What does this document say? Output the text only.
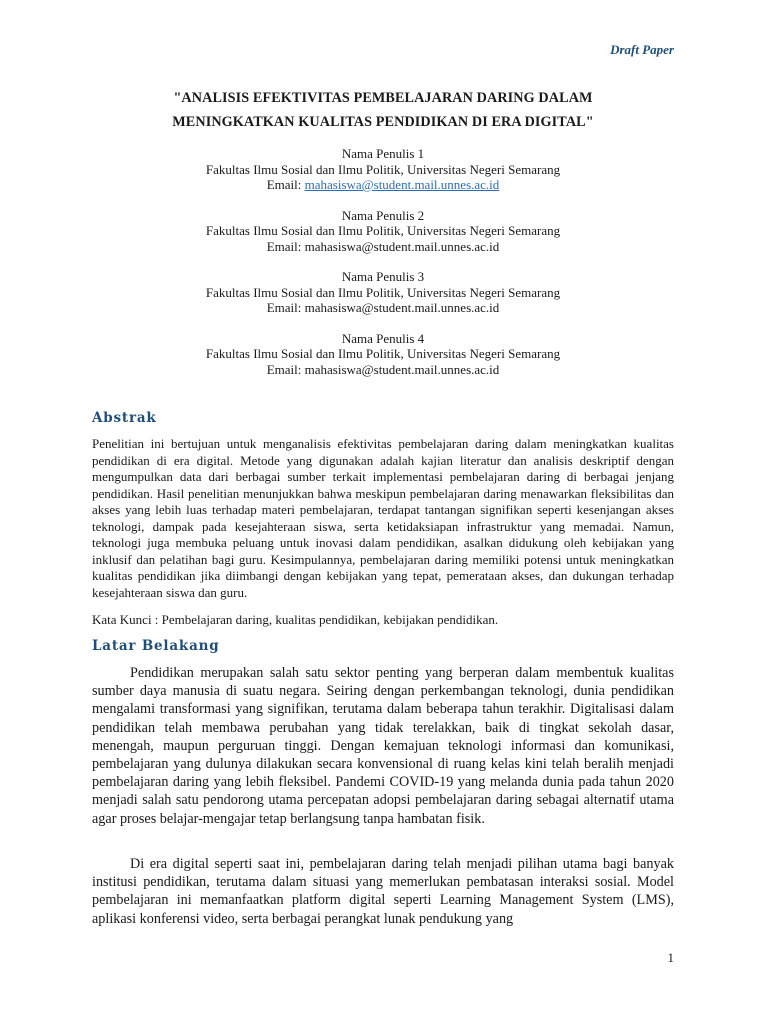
Draft Paper
"ANALISIS EFEKTIVITAS PEMBELAJARAN DARING DALAM
MENINGKATKAN KUALITAS PENDIDIKAN DI ERA DIGITAL"
Nama Penulis 1
Fakultas Ilmu Sosial dan Ilmu Politik, Universitas Negeri Semarang
Email: mahasiswa@student.mail.unnes.ac.id
Nama Penulis 2
Fakultas Ilmu Sosial dan Ilmu Politik, Universitas Negeri Semarang
Email: mahasiswa@student.mail.unnes.ac.id
Nama Penulis 3
Fakultas Ilmu Sosial dan Ilmu Politik, Universitas Negeri Semarang
Email: mahasiswa@student.mail.unnes.ac.id
Nama Penulis 4
Fakultas Ilmu Sosial dan Ilmu Politik, Universitas Negeri Semarang
Email: mahasiswa@student.mail.unnes.ac.id
Abstrak
Penelitian ini bertujuan untuk menganalisis efektivitas pembelajaran daring dalam meningkatkan kualitas pendidikan di era digital. Metode yang digunakan adalah kajian literatur dan analisis deskriptif dengan mengumpulkan data dari berbagai sumber terkait implementasi pembelajaran daring di berbagai jenjang pendidikan. Hasil penelitian menunjukkan bahwa meskipun pembelajaran daring menawarkan fleksibilitas dan akses yang lebih luas terhadap materi pembelajaran, terdapat tantangan signifikan seperti kesenjangan akses teknologi, dampak pada kesejahteraan siswa, serta ketidaksiapan infrastruktur yang memadai. Namun, teknologi juga membuka peluang untuk inovasi dalam pendidikan, asalkan didukung oleh kebijakan yang inklusif dan pelatihan bagi guru. Kesimpulannya, pembelajaran daring memiliki potensi untuk meningkatkan kualitas pendidikan jika diimbangi dengan kebijakan yang tepat, pemerataan akses, dan dukungan terhadap kesejahteraan siswa dan guru.
Kata Kunci : Pembelajaran daring, kualitas pendidikan, kebijakan pendidikan.
Latar Belakang
Pendidikan merupakan salah satu sektor penting yang berperan dalam membentuk kualitas sumber daya manusia di suatu negara. Seiring dengan perkembangan teknologi, dunia pendidikan mengalami transformasi yang signifikan, terutama dalam beberapa tahun terakhir. Digitalisasi dalam pendidikan telah membawa perubahan yang tidak terelakkan, baik di tingkat sekolah dasar, menengah, maupun perguruan tinggi. Dengan kemajuan teknologi informasi dan komunikasi, pembelajaran yang dulunya dilakukan secara konvensional di ruang kelas kini telah beralih menjadi pembelajaran daring yang lebih fleksibel. Pandemi COVID-19 yang melanda dunia pada tahun 2020 menjadi salah satu pendorong utama percepatan adopsi pembelajaran daring sebagai alternatif utama agar proses belajar-mengajar tetap berlangsung tanpa hambatan fisik.
Di era digital seperti saat ini, pembelajaran daring telah menjadi pilihan utama bagi banyak institusi pendidikan, terutama dalam situasi yang memerlukan pembatasan interaksi sosial. Model pembelajaran ini memanfaatkan platform digital seperti Learning Management System (LMS), aplikasi konferensi video, serta berbagai perangkat lunak pendukung yang
1
